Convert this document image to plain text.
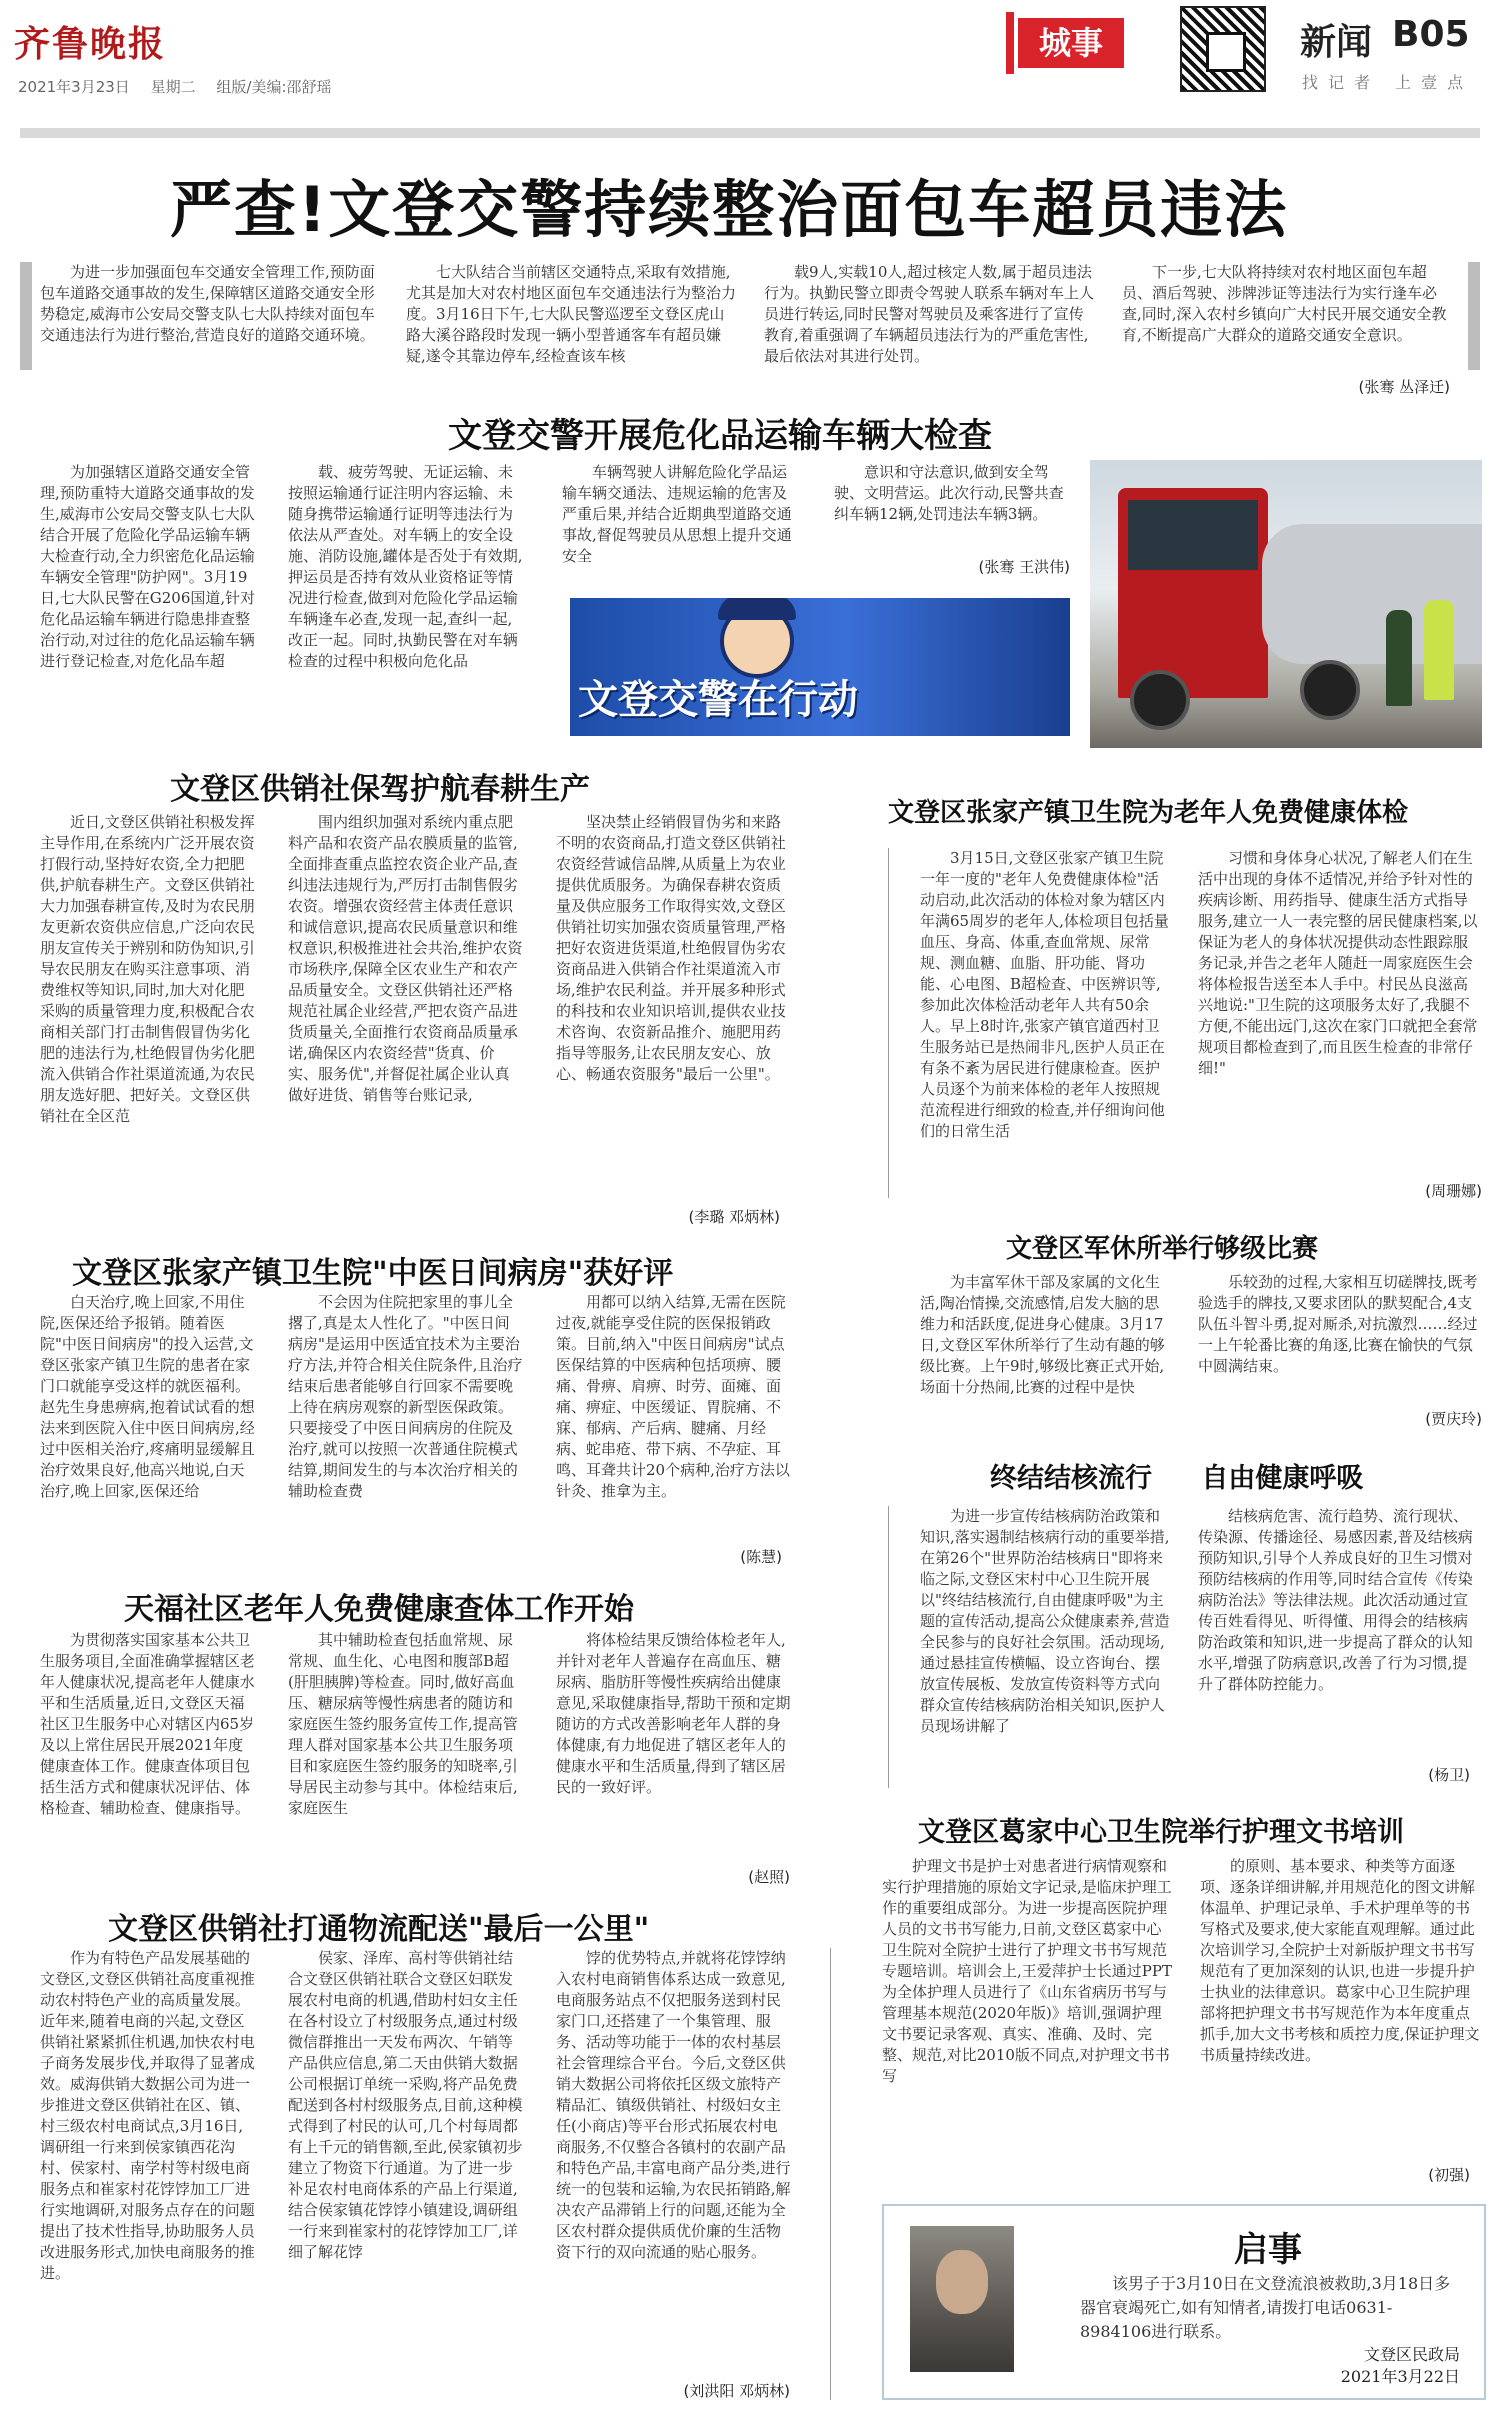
齐鲁晚报
2021年3月23日 星期二 组版/美编:邵舒瑶
城事	新闻 B05
找记者 上壹点
严查!文登交警持续整治面包车超员违法
为进一步加强面包车交通安全管理工作,预防面包车道路交通事故的发生,保障辖区道路交通安全形势稳定,威海市公安局交警支队七大队持续对面包车交通违法行为进行整治,营造良好的道路交通环境。
七大队结合当前辖区交通特点,采取有效措施,尤其是加大对农村地区面包车交通违法行为整治力度。3月16日下午,七大队民警巡逻至文登区虎山路大溪谷路段时发现一辆小型普通客车有超员嫌疑,遂令其靠边停车,经检查该车核
载9人,实载10人,超过核定人数,属于超员违法行为。执勤民警立即责令驾驶人联系车辆对车上人员进行转运,同时民警对驾驶员及乘客进行了宣传教育,着重强调了车辆超员违法行为的严重危害性,最后依法对其进行处罚。
下一步,七大队将持续对农村地区面包车超员、酒后驾驶、涉牌涉证等违法行为实行逢车必查,同时,深入农村乡镇向广大村民开展交通安全教育,不断提高广大群众的道路交通安全意识。
(张骞 丛泽迁)
文登交警开展危化品运输车辆大检查
为加强辖区道路交通安全管理,预防重特大道路交通事故的发生,威海市公安局交警支队七大队结合开展了危险化学品运输车辆大检查行动,全力织密危化品运输车辆安全管理"防护网"。3月19日,七大队民警在G206国道,针对危化品运输车辆进行隐患排查整治行动,对过往的危化品运输车辆进行登记检查,对危化品车超
载、疲劳驾驶、无证运输、未按照运输通行证注明内容运输、未随身携带运输通行证明等违法行为依法从严查处。对车辆上的安全设施、消防设施,罐体是否处于有效期,押运员是否持有效从业资格证等情况进行检查,做到对危险化学品运输车辆逢车必查,发现一起,查纠一起,改正一起。同时,执勤民警在对车辆检查的过程中积极向危化品
车辆驾驶人讲解危险化学品运输车辆交通法、违规运输的危害及严重后果,并结合近期典型道路交通事故,督促驾驶员从思想上提升交通安全
意识和守法意识,做到安全驾驶、文明营运。此次行动,民警共查纠车辆12辆,处罚违法车辆3辆。
(张骞 王洪伟)
文登交警在行动
文登区供销社保驾护航春耕生产
近日,文登区供销社积极发挥主导作用,在系统内广泛开展农资打假行动,坚持好农资,全力把肥供,护航春耕生产。文登区供销社大力加强春耕宣传,及时为农民朋友更新农资供应信息,广泛向农民朋友宣传关于辨别和防伪知识,引导农民朋友在购买注意事项、消费维权等知识,同时,加大对化肥采购的质量管理力度,积极配合农商相关部门打击制售假冒伪劣化肥的违法行为,杜绝假冒伪劣化肥流入供销合作社渠道流通,为农民朋友选好肥、把好关。文登区供销社在全区范
围内组织加强对系统内重点肥料产品和农资产品农膜质量的监管,全面排查重点监控农资企业产品,查纠违法违规行为,严厉打击制售假劣农资。增强农资经营主体责任意识和诚信意识,提高农民质量意识和维权意识,积极推进社会共治,维护农资市场秩序,保障全区农业生产和农产品质量安全。文登区供销社还严格规范社属企业经营,严把农资产品进货质量关,全面推行农资商品质量承诺,确保区内农资经营"货真、价实、服务优",并督促社属企业认真做好进货、销售等台账记录,
坚决禁止经销假冒伪劣和来路不明的农资商品,打造文登区供销社农资经营诚信品牌,从质量上为农业提供优质服务。为确保春耕农资质量及供应服务工作取得实效,文登区供销社切实加强农资质量管理,严格把好农资进货渠道,杜绝假冒伪劣农资商品进入供销合作社渠道流入市场,维护农民利益。并开展多种形式的科技和农业知识培训,提供农业技术咨询、农资新品推介、施肥用药指导等服务,让农民朋友安心、放心、畅通农资服务"最后一公里"。
(李璐 邓炳林)
文登区张家产镇卫生院为老年人免费健康体检
3月15日,文登区张家产镇卫生院一年一度的"老年人免费健康体检"活动启动,此次活动的体检对象为辖区内年满65周岁的老年人,体检项目包括量血压、身高、体重,查血常规、尿常规、测血糖、血脂、肝功能、肾功能、心电图、B超检查、中医辨识等,参加此次体检活动老年人共有50余人。早上8时许,张家产镇官道西村卫生服务站已是热闹非凡,医护人员正在有条不紊为居民进行健康检查。医护人员逐个为前来体检的老年人按照规范流程进行细致的检查,并仔细询问他们的日常生活
习惯和身体身心状况,了解老人们在生活中出现的身体不适情况,并给予针对性的疾病诊断、用药指导、健康生活方式指导服务,建立一人一表完整的居民健康档案,以保证为老人的身体状况提供动态性跟踪服务记录,并告之老年人随赶一周家庭医生会将体检报告送至本人手中。村民丛良滋高兴地说:"卫生院的这项服务太好了,我腿不方便,不能出远门,这次在家门口就把全套常规项目都检查到了,而且医生检查的非常仔细!"
(周珊娜)
文登区军休所举行够级比赛
为丰富军休干部及家属的文化生活,陶冶情操,交流感情,启发大脑的思维力和活跃度,促进身心健康。3月17日,文登区军休所举行了生动有趣的够级比赛。上午9时,够级比赛正式开始,场面十分热闹,比赛的过程中是快
乐较劲的过程,大家相互切磋牌技,既考验选手的牌技,又要求团队的默契配合,4支队伍斗智斗勇,捉对厮杀,对抗激烈……经过一上午轮番比赛的角逐,比赛在愉快的气氛中圆满结束。
(贾庆玲)
文登区张家产镇卫生院"中医日间病房"获好评
白天治疗,晚上回家,不用住院,医保还给予报销。随着医院"中医日间病房"的投入运营,文登区张家产镇卫生院的患者在家门口就能享受这样的就医福利。赵先生身患痹病,抱着试试看的想法来到医院入住中医日间病房,经过中医相关治疗,疼痛明显缓解且治疗效果良好,他高兴地说,白天治疗,晚上回家,医保还给
不会因为住院把家里的事儿全撂了,真是太人性化了。"中医日间病房"是运用中医适宜技术为主要治疗方法,并符合相关住院条件,且治疗结束后患者能够自行回家不需要晚上待在病房观察的新型医保政策。只要接受了中医日间病房的住院及治疗,就可以按照一次普通住院模式结算,期间发生的与本次治疗相关的辅助检查费
用都可以纳入结算,无需在医院过夜,就能享受住院的医保报销政策。目前,纳入"中医日间病房"试点医保结算的中医病种包括项痹、腰痛、骨痹、肩痹、时劳、面瘫、面痛、痹症、中医缓证、胃脘痛、不寐、郁病、产后病、腱痛、月经病、蛇串疮、带下病、不孕症、耳鸣、耳聋共计20个病种,治疗方法以针灸、推拿为主。
(陈慧)
终结结核流行 自由健康呼吸
为进一步宣传结核病防治政策和知识,落实遏制结核病行动的重要举措,在第26个"世界防治结核病日"即将来临之际,文登区宋村中心卫生院开展以"终结结核流行,自由健康呼吸"为主题的宣传活动,提高公众健康素养,营造全民参与的良好社会氛围。活动现场,通过悬挂宣传横幅、设立咨询台、摆放宣传展板、发放宣传资料等方式向群众宣传结核病防治相关知识,医护人员现场讲解了
结核病危害、流行趋势、流行现状、传染源、传播途径、易感因素,普及结核病预防知识,引导个人养成良好的卫生习惯对预防结核病的作用等,同时结合宣传《传染病防治法》等法律法规。此次活动通过宣传百姓看得见、听得懂、用得会的结核病防治政策和知识,进一步提高了群众的认知水平,增强了防病意识,改善了行为习惯,提升了群体防控能力。
(杨卫)
天福社区老年人免费健康查体工作开始
为贯彻落实国家基本公共卫生服务项目,全面准确掌握辖区老年人健康状况,提高老年人健康水平和生活质量,近日,文登区天福社区卫生服务中心对辖区内65岁及以上常住居民开展2021年度健康查体工作。健康查体项目包括生活方式和健康状况评估、体格检查、辅助检查、健康指导。
其中辅助检查包括血常规、尿常规、血生化、心电图和腹部B超(肝胆胰脾)等检查。同时,做好高血压、糖尿病等慢性病患者的随访和家庭医生签约服务宣传工作,提高管理人群对国家基本公共卫生服务项目和家庭医生签约服务的知晓率,引导居民主动参与其中。体检结束后,家庭医生
将体检结果反馈给体检老年人,并针对老年人普遍存在高血压、糖尿病、脂肪肝等慢性疾病给出健康意见,采取健康指导,帮助干预和定期随访的方式改善影响老年人群的身体健康,有力地促进了辖区老年人的健康水平和生活质量,得到了辖区居民的一致好评。
(赵照)
文登区葛家中心卫生院举行护理文书培训
护理文书是护士对患者进行病情观察和实行护理措施的原始文字记录,是临床护理工作的重要组成部分。为进一步提高医院护理人员的文书书写能力,日前,文登区葛家中心卫生院对全院护士进行了护理文书书写规范专题培训。培训会上,王爱萍护士长通过PPT为全体护理人员进行了《山东省病历书写与管理基本规范(2020年版)》培训,强调护理文书要记录客观、真实、准确、及时、完整、规范,对比2010版不同点,对护理文书书写
的原则、基本要求、种类等方面逐项、逐条详细讲解,并用规范化的图文讲解体温单、护理记录单、手术护理单等的书写格式及要求,使大家能直观理解。通过此次培训学习,全院护士对新版护理文书书写规范有了更加深刻的认识,也进一步提升护士执业的法律意识。葛家中心卫生院护理部将把护理文书书写规范作为本年度重点抓手,加大文书考核和质控力度,保证护理文书质量持续改进。
(初强)
文登区供销社打通物流配送"最后一公里"
作为有特色产品发展基础的文登区,文登区供销社高度重视推动农村特色产业的高质量发展。近年来,随着电商的兴起,文登区供销社紧紧抓住机遇,加快农村电子商务发展步伐,并取得了显著成效。威海供销大数据公司为进一步推进文登区供销社在区、镇、村三级农村电商试点,3月16日,调研组一行来到侯家镇西花沟村、侯家村、南学村等村级电商服务点和崔家村花饽饽加工厂进行实地调研,对服务点存在的问题提出了技术性指导,协助服务人员改进服务形式,加快电商服务的推进。
侯家、泽库、高村等供销社结合文登区供销社联合文登区妇联发展农村电商的机遇,借助村妇女主任在各村设立了村级服务点,通过村级微信群推出一天发布两次、午销等产品供应信息,第二天由供销大数据公司根据订单统一采购,将产品免费配送到各村村级服务点,目前,这种模式得到了村民的认可,几个村每周都有上千元的销售额,至此,侯家镇初步建立了物资下行通道。为了进一步补足农村电商体系的产品上行渠道,结合侯家镇花饽饽小镇建设,调研组一行来到崔家村的花饽饽加工厂,详细了解花饽
饽的优势特点,并就将花饽饽纳入农村电商销售体系达成一致意见,电商服务站点不仅把服务送到村民家门口,还搭建了一个集管理、服务、活动等功能于一体的农村基层社会管理综合平台。今后,文登区供销大数据公司将依托区级文旅特产精品汇、镇级供销社、村级妇女主任(小商店)等平台形式拓展农村电商服务,不仅整合各镇村的农副产品和特色产品,丰富电商产品分类,进行统一的包装和运输,为农民拓销路,解决农产品滞销上行的问题,还能为全区农村群众提供质优价廉的生活物资下行的双向流通的贴心服务。
(刘洪阳 邓炳林)
启事
该男子于3月10日在文登流浪被救助,3月18日多器官衰竭死亡,如有知情者,请拨打电话0631-8984106进行联系。
文登区民政局
2021年3月22日
